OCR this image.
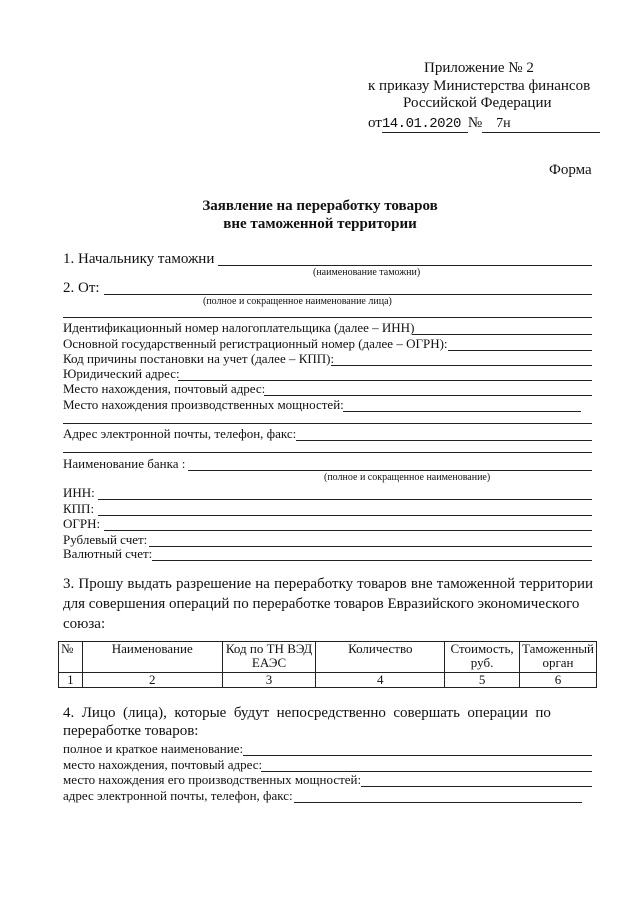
Приложение № 2
к приказу Министерства финансов
Российской Федерации
от14.01.2020 № 7н
Форма
Заявление на переработку товаров
вне таможенной территории
1. Начальнику таможни
(наименование таможни)
2. От:
(полное и сокращенное наименование лица)
Идентификационный номер налогоплательщика (далее – ИНН)
Основной государственный регистрационный номер (далее – ОГРН):
Код причины постановки на учет (далее – КПП):
Юридический адрес:
Место нахождения, почтовый адрес:
Место нахождения производственных мощностей:
Адрес электронной почты, телефон, факс:
Наименование банка :
(полное и сокращенное наименование)
ИНН:
КПП:
ОГРН:
Рублевый счет:
Валютный счет:
3. Прошу выдать разрешение на переработку товаров вне таможенной территории для совершения операций по переработке товаров Евразийского экономического
союза:
№	Наименование	Код по ТН ВЭД ЕАЭС	Количество	Стоимость, руб.	Таможенный орган
1	2	3	4	5	6
4.  Лицо  (лица),  которые  будут  непосредственно  совершать  операции  по
переработке товаров:
полное и краткое наименование:
место нахождения, почтовый адрес:
место нахождения его производственных мощностей:
адрес электронной почты, телефон, факс:
